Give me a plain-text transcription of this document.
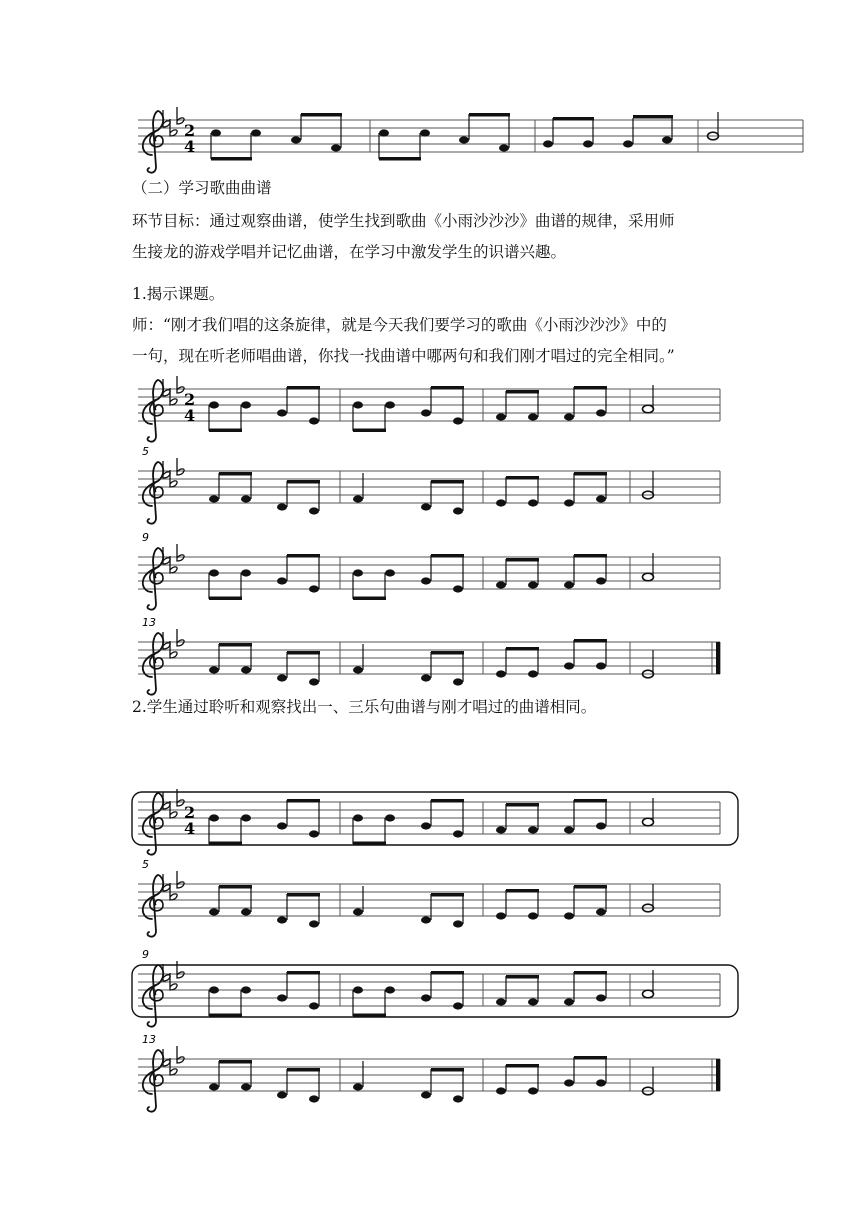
（二）学习歌曲曲谱
环节目标：通过观察曲谱，使学生找到歌曲《小雨沙沙沙》曲谱的规律，采用师
生接龙的游戏学唱并记忆曲谱，在学习中激发学生的识谱兴趣。
1.揭示课题。
师：“刚才我们唱的这条旋律，就是今天我们要学习的歌曲《小雨沙沙沙》中的
一句，现在听老师唱曲谱，你找一找曲谱中哪两句和我们刚才唱过的完全相同。”
2.学生通过聆听和观察找出一、三乐句曲谱与刚才唱过的曲谱相同。
2
4
2
4
5
9
13
2
4
5
9
13
